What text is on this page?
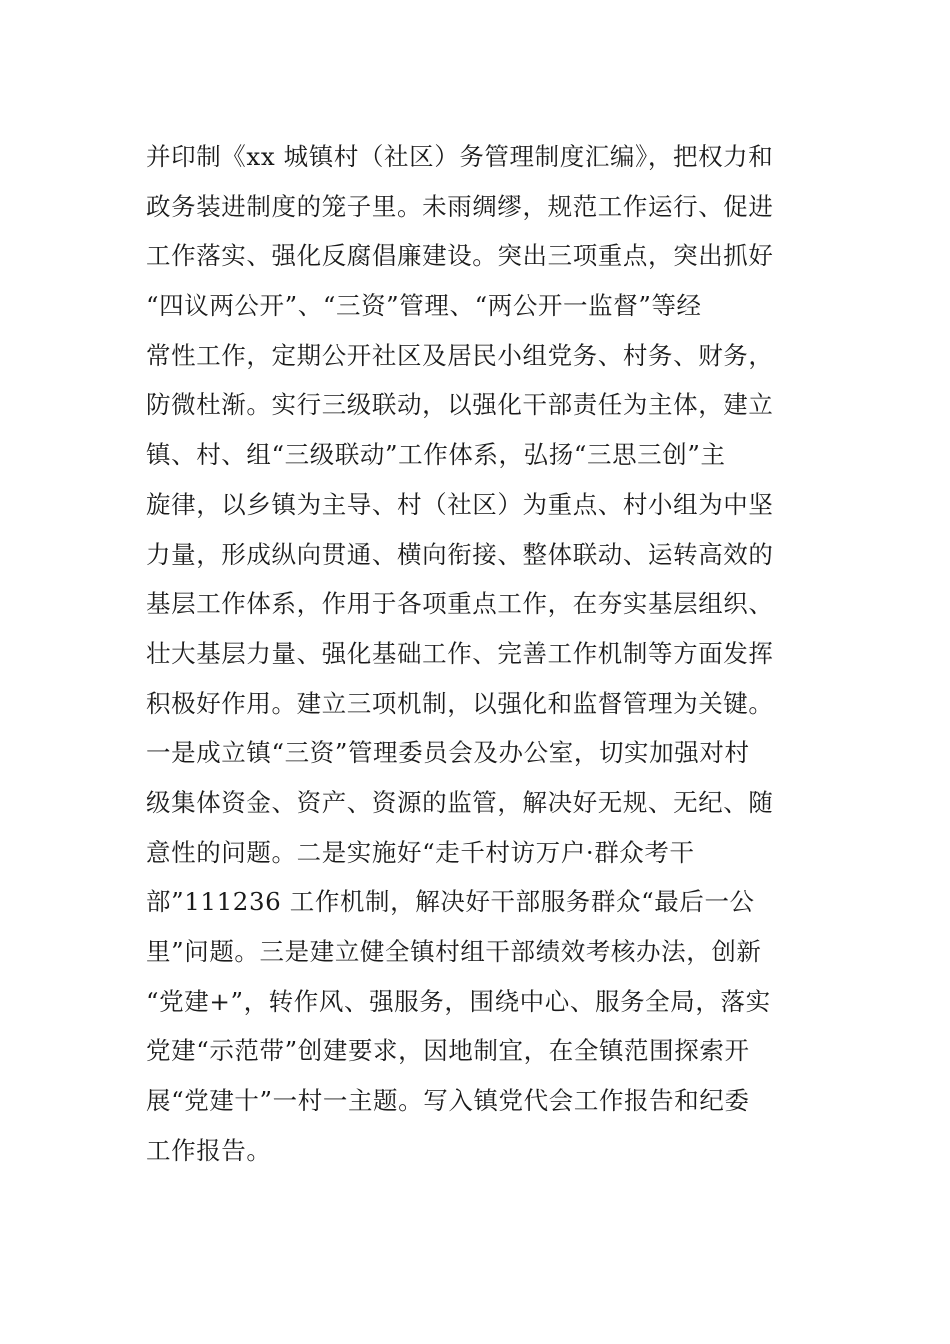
并印制《xx 城镇村（社区）务管理制度汇编》，把权力和
政务装进制度的笼子里。未雨绸缪，规范工作运行、促进
工作落实、强化反腐倡廉建设。突出三项重点，突出抓好
“四议两公开”、“三资”管理、“两公开一监督”等经
常性工作，定期公开社区及居民小组党务、村务、财务，
防微杜渐。实行三级联动，以强化干部责任为主体，建立
镇、村、组“三级联动”工作体系，弘扬“三思三创”主
旋律，以乡镇为主导、村（社区）为重点、村小组为中坚
力量，形成纵向贯通、横向衔接、整体联动、运转高效的
基层工作体系，作用于各项重点工作，在夯实基层组织、
壮大基层力量、强化基础工作、完善工作机制等方面发挥
积极好作用。建立三项机制，以强化和监督管理为关键。
一是成立镇“三资”管理委员会及办公室，切实加强对村
级集体资金、资产、资源的监管，解决好无规、无纪、随
意性的问题。二是实施好“走千村访万户·群众考干
部”111236 工作机制，解决好干部服务群众“最后一公
里”问题。三是建立健全镇村组干部绩效考核办法，创新
“党建+”，转作风、强服务，围绕中心、服务全局，落实
党建“示范带”创建要求，因地制宜，在全镇范围探索开
展“党建十”一村一主题。写入镇党代会工作报告和纪委
工作报告。
